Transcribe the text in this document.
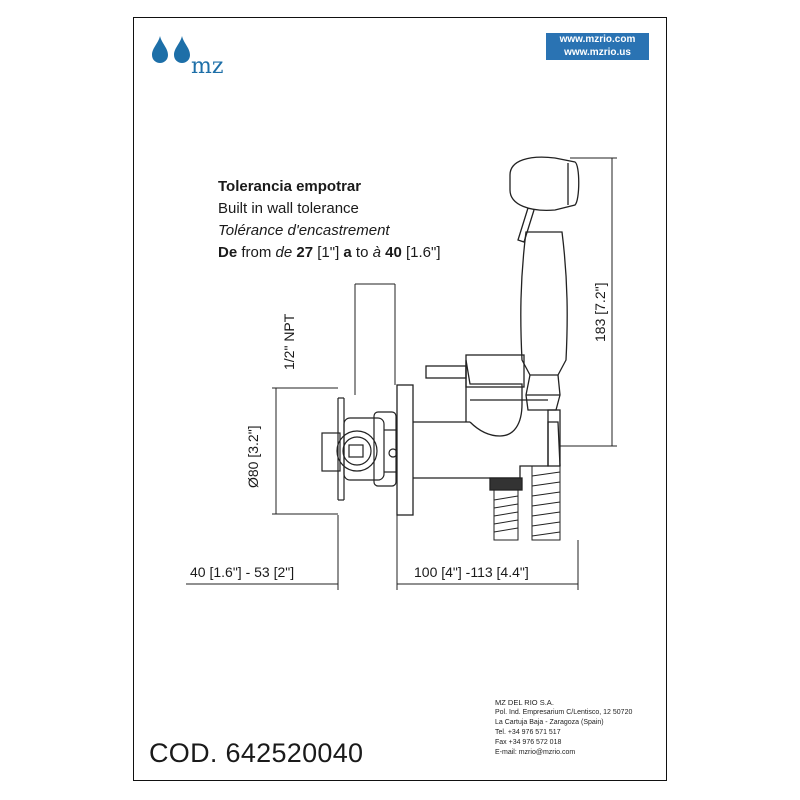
mz
www.mzrio.com
www.mzrio.us
Tolerancia empotrar
Built in wall tolerance
Tolérance d'encastrement
De from de 27 [1"] a to à 40 [1.6"]
1/2" NPT
Ø80 [3.2"]
183 [7.2"]
40 [1.6"] - 53 [2"]	100 [4"] -113 [4.4"]
MZ DEL RIO S.A.
Pol. Ind. Empresarium C/Lentisco, 12 50720
La Cartuja Baja - Zaragoza (Spain)
Tel. +34 976 571 517
Fax +34 976 572 018
E-mail: mzrio@mzrio.com
COD. 642520040
